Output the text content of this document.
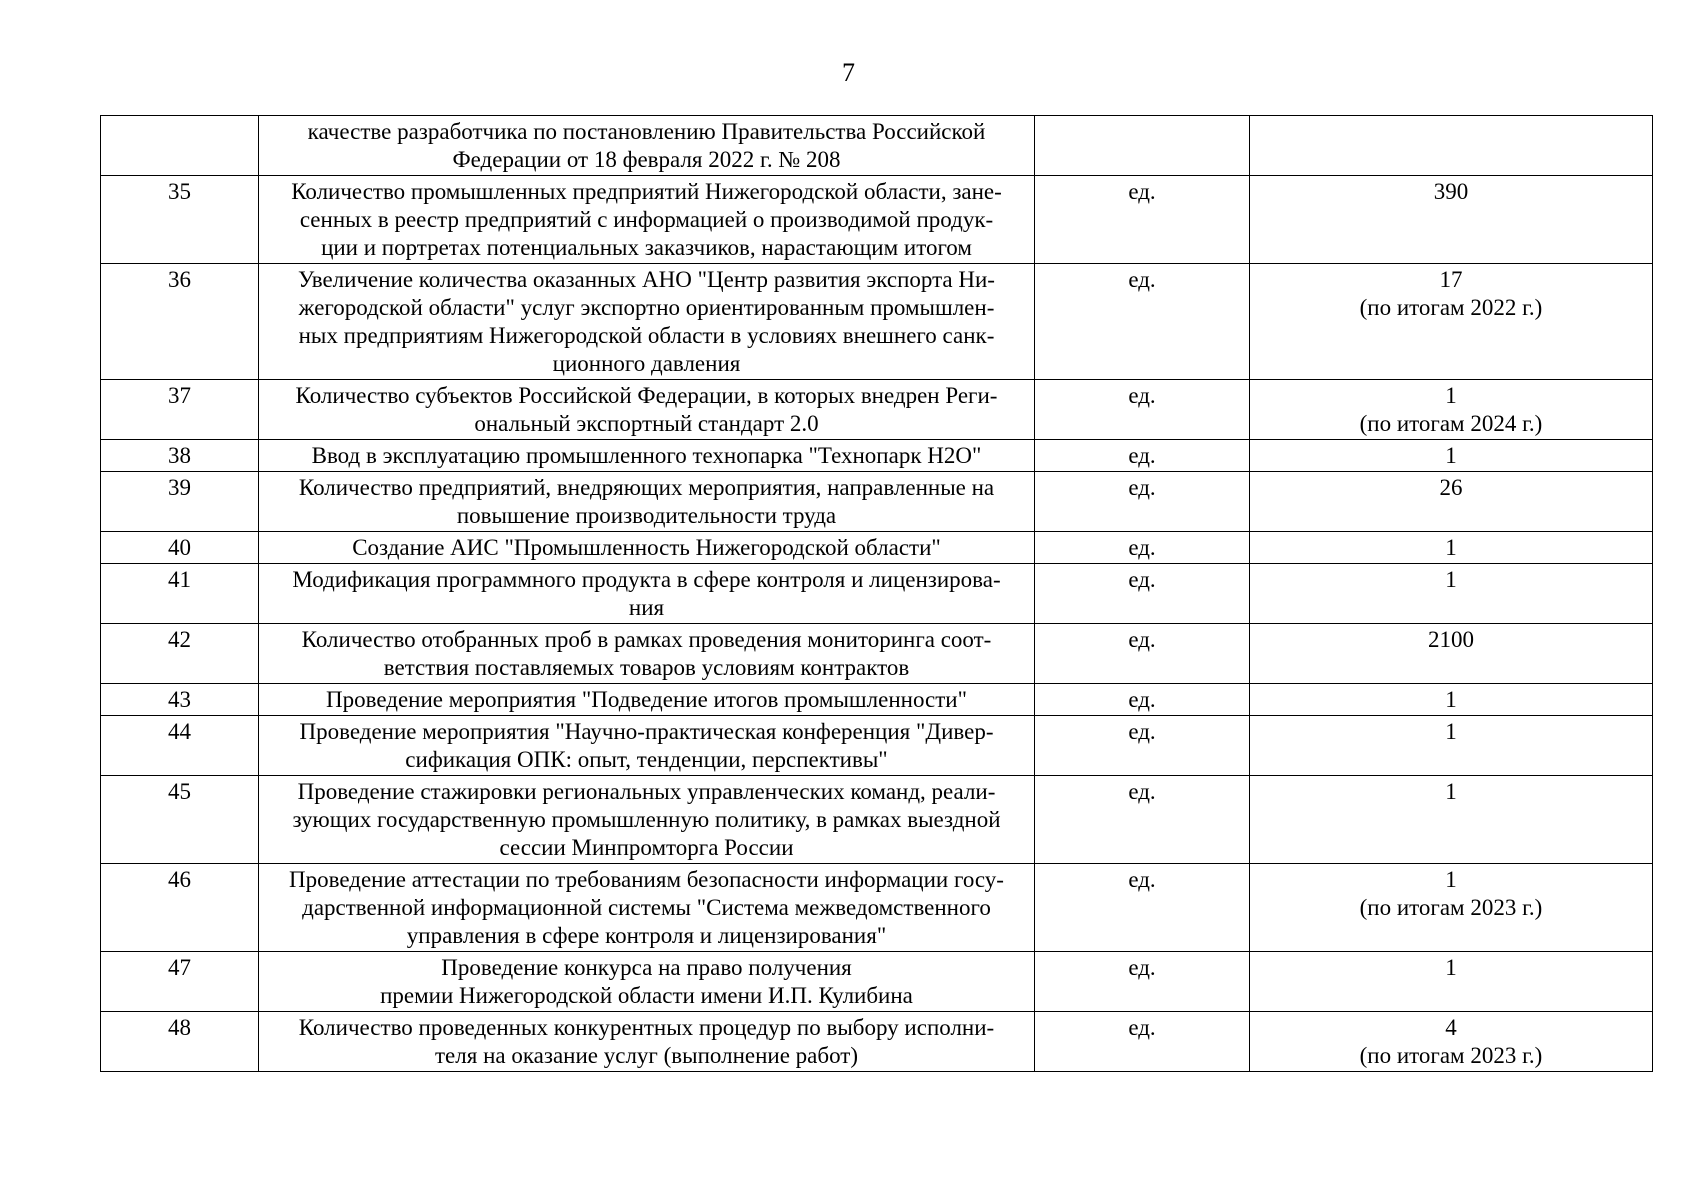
7

	качестве разработчика по постановлению Правительства Российской
Федерации от 18 февраля 2022 г. № 208		

35	Количество промышленных предприятий Нижегородской области, зане-
сенных в реестр предприятий с информацией о производимой продук-
ции и портретах потенциальных заказчиков, нарастающим итогом	ед.	390

36	Увеличение количества оказанных АНО "Центр развития экспорта Ни-
жегородской области" услуг экспортно ориентированным промышлен-
ных предприятиям Нижегородской области в условиях внешнего санк-
ционного давления	ед.	17
(по итогам 2022 г.)

37	Количество субъектов Российской Федерации, в которых внедрен Реги-
ональный экспортный стандарт 2.0	ед.	1
(по итогам 2024 г.)

38	Ввод в эксплуатацию промышленного технопарка "Технопарк H2O"	ед.	1

39	Количество предприятий, внедряющих мероприятия, направленные на
повышение производительности труда	ед.	26

40	Создание АИС "Промышленность Нижегородской области"	ед.	1

41	Модификация программного продукта в сфере контроля и лицензирова-
ния	ед.	1

42	Количество отобранных проб в рамках проведения мониторинга соот-
ветствия поставляемых товаров условиям контрактов	ед.	2100

43	Проведение мероприятия "Подведение итогов промышленности"	ед.	1

44	Проведение мероприятия "Научно-практическая конференция "Дивер-
сификация ОПК: опыт, тенденции, перспективы"	ед.	1

45	Проведение стажировки региональных управленческих команд, реали-
зующих государственную промышленную политику, в рамках выездной
сессии Минпромторга России	ед.	1

46	Проведение аттестации по требованиям безопасности информации госу-
дарственной информационной системы "Система межведомственного
управления в сфере контроля и лицензирования"	ед.	1
(по итогам 2023 г.)

47	Проведение конкурса на право получения
премии Нижегородской области имени И.П. Кулибина	ед.	1

48	Количество проведенных конкурентных процедур по выбору исполни-
теля на оказание услуг (выполнение работ)	ед.	4
(по итогам 2023 г.)
